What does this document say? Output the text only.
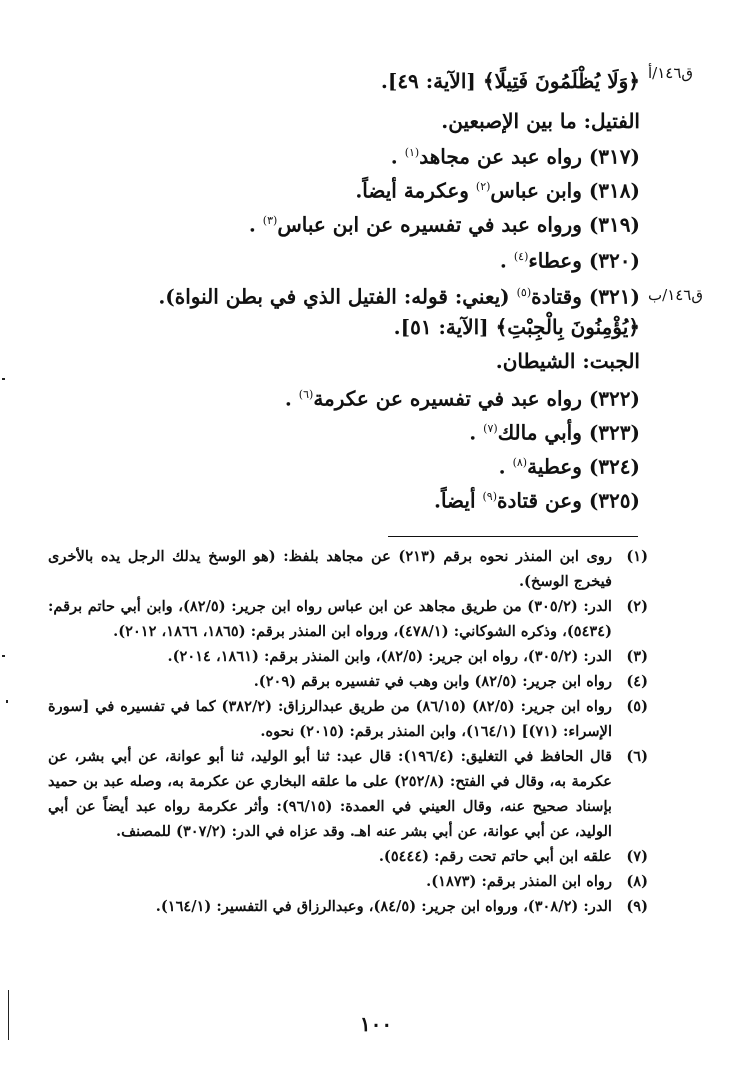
ق١٤٦/أ
ق١٤٦/ب
﴿وَلَا يُظْلَمُونَ فَتِيلًا﴾ [الآية: ٤٩].
الفتيل: ما بين الإصبعين.
(٣١٧) رواه عبد عن مجاهد$^{(١)}$ .
(٣١٨) وابن عباس$^{(٢)}$ وعكرمة أيضاً.
(٣١٩) ورواه عبد في تفسيره عن ابن عباس$^{(٣)}$ .
(٣٢٠) وعطاء$^{(٤)}$ .
(٣٢١) وقتادة$^{(٥)}$ (يعني: قوله: الفتيل الذي في بطن النواة).
﴿يُؤْمِنُونَ بِالْجِبْتِ﴾ [الآية: ٥١].
الجبت: الشيطان.
(٣٢٢) رواه عبد في تفسيره عن عكرمة$^{(٦)}$ .
(٣٢٣) وأبي مالك$^{(٧)}$ .
(٣٢٤) وعطية$^{(٨)}$ .
(٣٢٥) وعن قتادة$^{(٩)}$ أيضاً.
(١)
روى ابن المنذر نحوه برقم (٢١٣) عن مجاهد بلفظ: (هو الوسخ يدلك الرجل يده بالأخرى فيخرج الوسخ).
(٢)
الدر: (٣٠٥/٢) من طريق مجاهد عن ابن عباس رواه ابن جرير: (٨٢/٥)، وابن أبي حاتم برقم: (٥٤٣٤)، وذكره الشوكاني: (٤٧٨/١)، ورواه ابن المنذر برقم: (١٨٦٥، ١٨٦٦، ٢٠١٢).
(٣)
الدر: (٣٠٥/٢)، رواه ابن جرير: (٨٢/٥)، وابن المنذر برقم: (١٨٦١، ٢٠١٤).
(٤)
رواه ابن جرير: (٨٢/٥) وابن وهب في تفسيره برقم (٢٠٩).
(٥)
رواه ابن جرير: (٨٢/٥) (٨٦/١٥) من طريق عبدالرزاق: (٣٨٢/٢) كما في تفسيره في [سورة الإسراء: (٧١)] (١٦٤/١)، وابن المنذر برقم: (٢٠١٥) نحوه.
(٦)
قال الحافظ في التغليق: (١٩٦/٤): قال عبد: ثنا أبو الوليد، ثنا أبو عوانة، عن أبي بشر، عن عكرمة به، وقال في الفتح: (٢٥٢/٨) على ما علقه البخاري عن عكرمة به، وصله عبد بن حميد بإسناد صحيح عنه، وقال العيني في العمدة: (٩٦/١٥): وأثر عكرمة رواه عبد أيضاً عن أبي الوليد، عن أبي عوانة، عن أبي بشر عنه اهـ. وقد عزاه في الدر: (٣٠٧/٢) للمصنف.
(٧)
علقه ابن أبي حاتم تحت رقم: (٥٤٤٤).
(٨)
رواه ابن المنذر برقم: (١٨٧٣).
(٩)
الدر: (٣٠٨/٢)، ورواه ابن جرير: (٨٤/٥)، وعبدالرزاق في التفسير: (١٦٤/١).
١٠٠
